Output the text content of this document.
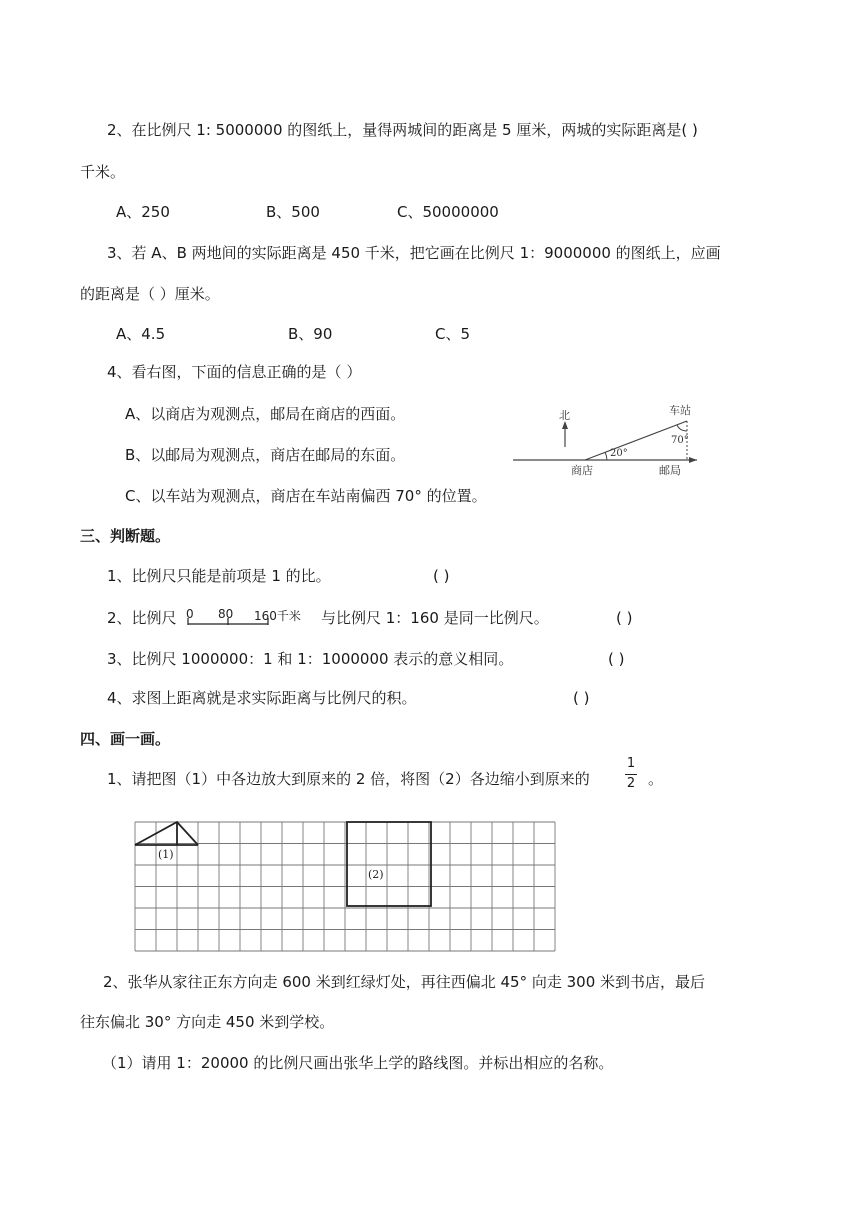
2、在比例尺 1: 5000000 的图纸上，量得两城间的距离是 5 厘米，两城的实际距离是( )
千米。
A、250	B、500	C、50000000
3、若 A、B 两地间的实际距离是 450 千米，把它画在比例尺 1：9000000 的图纸上，应画
的距离是（ ）厘米。
A、4.5	B、90	C、5
4、看右图，下面的信息正确的是（ ）
A、以商店为观测点，邮局在商店的西面。
B、以邮局为观测点，商店在邮局的东面。
C、以车站为观测点，商店在车站南偏西 70° 的位置。
北	车站
70°
20°
商店	邮局
三、判断题。
1、比例尺只能是前项是 1 的比。	( )
2、比例尺 0 80 160千米 与比例尺 1：160 是同一比例尺。	( )
3、比例尺 1000000：1 和 1：1000000 表示的意义相同。	( )
4、求图上距离就是求实际距离与比例尺的积。	( )
四、画一画。
1、请把图（1）中各边放大到原来的 2 倍，将图（2）各边缩小到原来的
1
2 。
(1)
(2)
2、张华从家往正东方向走 600 米到红绿灯处，再往西偏北 45° 向走 300 米到书店，最后
往东偏北 30° 方向走 450 米到学校。
（1）请用 1：20000 的比例尺画出张华上学的路线图。并标出相应的名称。
